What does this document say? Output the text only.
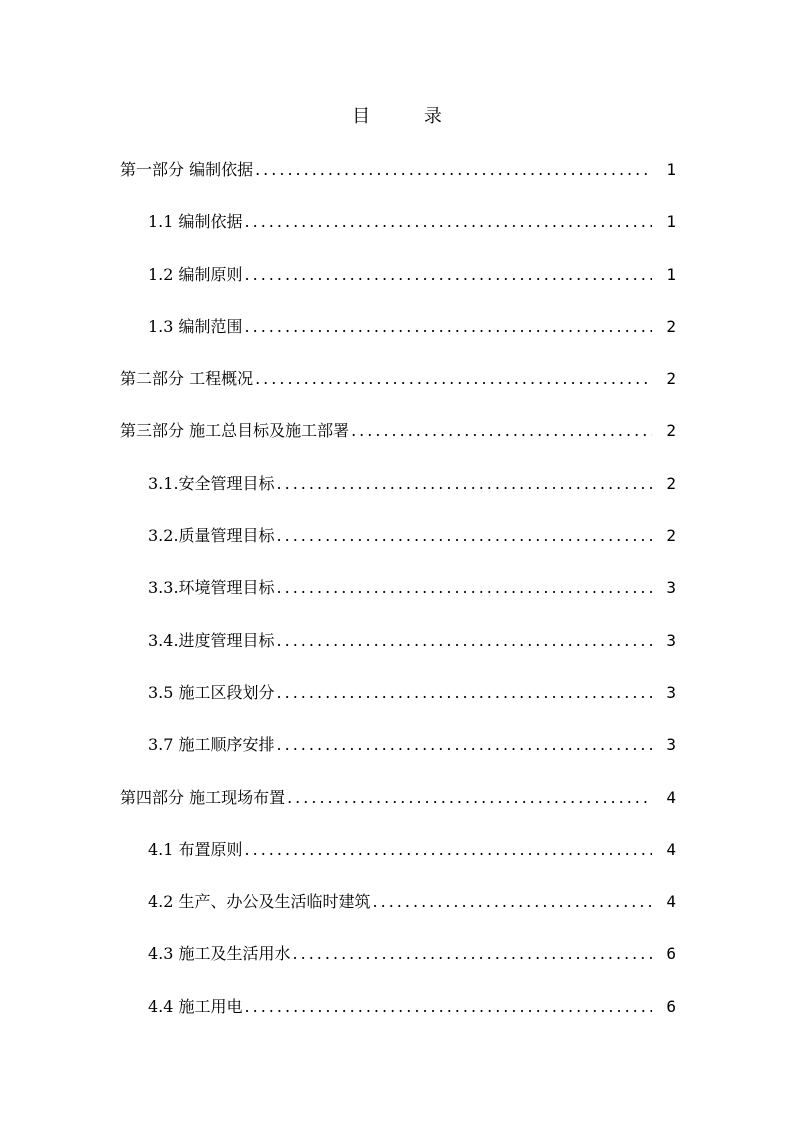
目 录
第一部分 编制依据 .....	1
1.1 编制依据 .....	1
1.2 编制原则 .....	1
1.3 编制范围 .....	2
第二部分 工程概况 .....	2
第三部分 施工总目标及施工部署 .....	2
3.1.安全管理目标 .....	2
3.2.质量管理目标 .....	2
3.3.环境管理目标 .....	3
3.4.进度管理目标 .....	3
3.5 施工区段划分 .....	3
3.7 施工顺序安排 .....	3
第四部分 施工现场布置 .....	4
4.1 布置原则 .....	4
4.2 生产、办公及生活临时建筑 .....	4
4.3 施工及生活用水 .....	6
4.4 施工用电 .....	6
